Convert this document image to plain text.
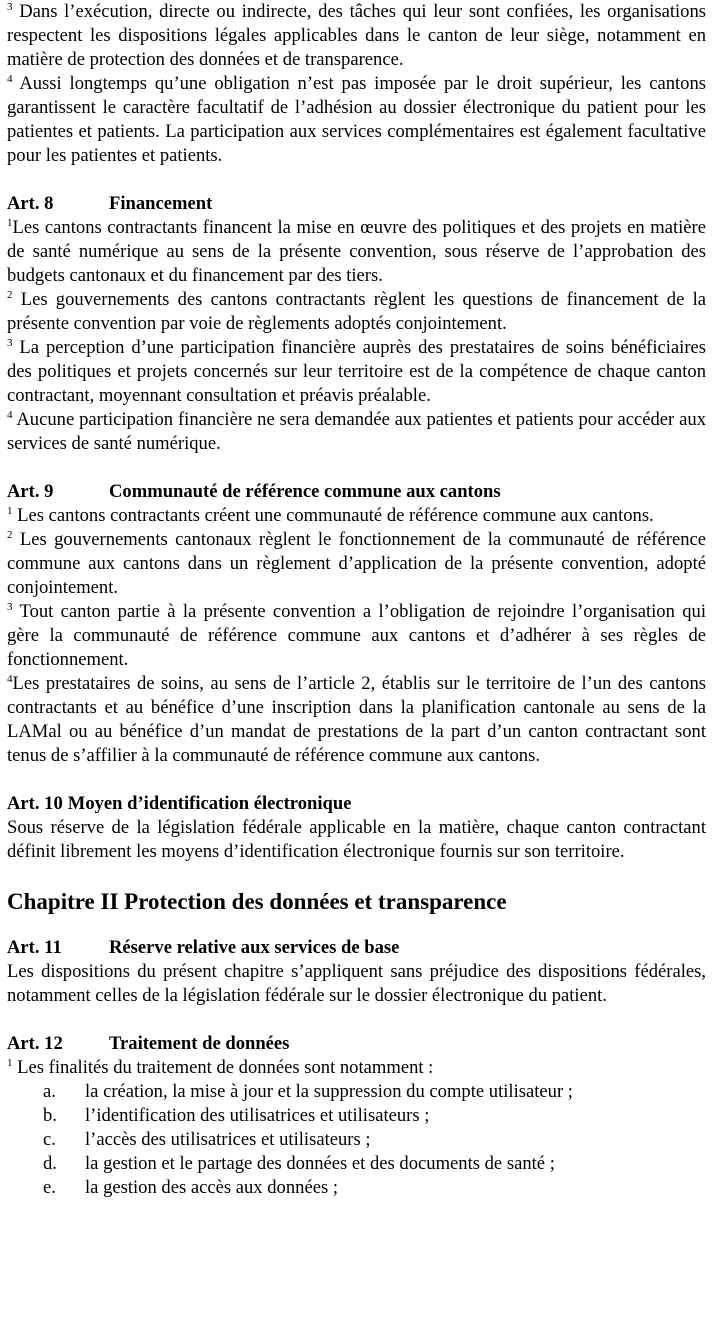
$^3$ Dans l’exécution, directe ou indirecte, des tâches qui leur sont confiées, les organisations respectent les dispositions légales applicables dans le canton de leur siège, notamment en matière de protection des données et de transparence.

$^4$ Aussi longtemps qu’une obligation n’est pas imposée par le droit supérieur, les cantons garantissent le caractère facultatif de l’adhésion au dossier électronique du patient pour les patientes et patients. La participation aux services complémentaires est également facultative pour les patientes et patients.

Art. 8	Financement

$^1$Les cantons contractants financent la mise en œuvre des politiques et des projets en matière de santé numérique au sens de la présente convention, sous réserve de l’approbation des budgets cantonaux et du financement par des tiers.

$^2$ Les gouvernements des cantons contractants règlent les questions de financement de la présente convention par voie de règlements adoptés conjointement.

$^3$ La perception d’une participation financière auprès des prestataires de soins bénéficiaires des politiques et projets concernés sur leur territoire est de la compétence de chaque canton contractant, moyennant consultation et préavis préalable.

$^4$ Aucune participation financière ne sera demandée aux patientes et patients pour accéder aux services de santé numérique.

Art. 9	Communauté de référence commune aux cantons

$^1$ Les cantons contractants créent une communauté de référence commune aux cantons.

$^2$ Les gouvernements cantonaux règlent le fonctionnement de la communauté de référence commune aux cantons dans un règlement d’application de la présente convention, adopté conjointement.

$^3$ Tout canton partie à la présente convention a l’obligation de rejoindre l’organisation qui gère la communauté de référence commune aux cantons et d’adhérer à ses règles de fonctionnement.

$^4$Les prestataires de soins, au sens de l’article 2, établis sur le territoire de l’un des cantons contractants et au bénéfice d’une inscription dans la planification cantonale au sens de la LAMal ou au bénéfice d’un mandat de prestations de la part d’un canton contractant sont tenus de s’affilier à la communauté de référence commune aux cantons.

Art. 10 Moyen d’identification électronique

Sous réserve de la législation fédérale applicable en la matière, chaque canton contractant définit librement les moyens d’identification électronique fournis sur son territoire.

Chapitre II Protection des données et transparence
Art. 11	Réserve relative aux services de base

Les dispositions du présent chapitre s’appliquent sans préjudice des dispositions fédérales, notamment celles de la législation fédérale sur le dossier électronique du patient.

Art. 12 Traitement de données

$^1$ Les finalités du traitement de données sont notamment :

a.	la création, la mise à jour et la suppression du compte utilisateur ;
b.	l’identification des utilisatrices et utilisateurs ;
c.	l’accès des utilisatrices et utilisateurs ;
d.	la gestion et le partage des données et des documents de santé ;
e.	la gestion des accès aux données ;
